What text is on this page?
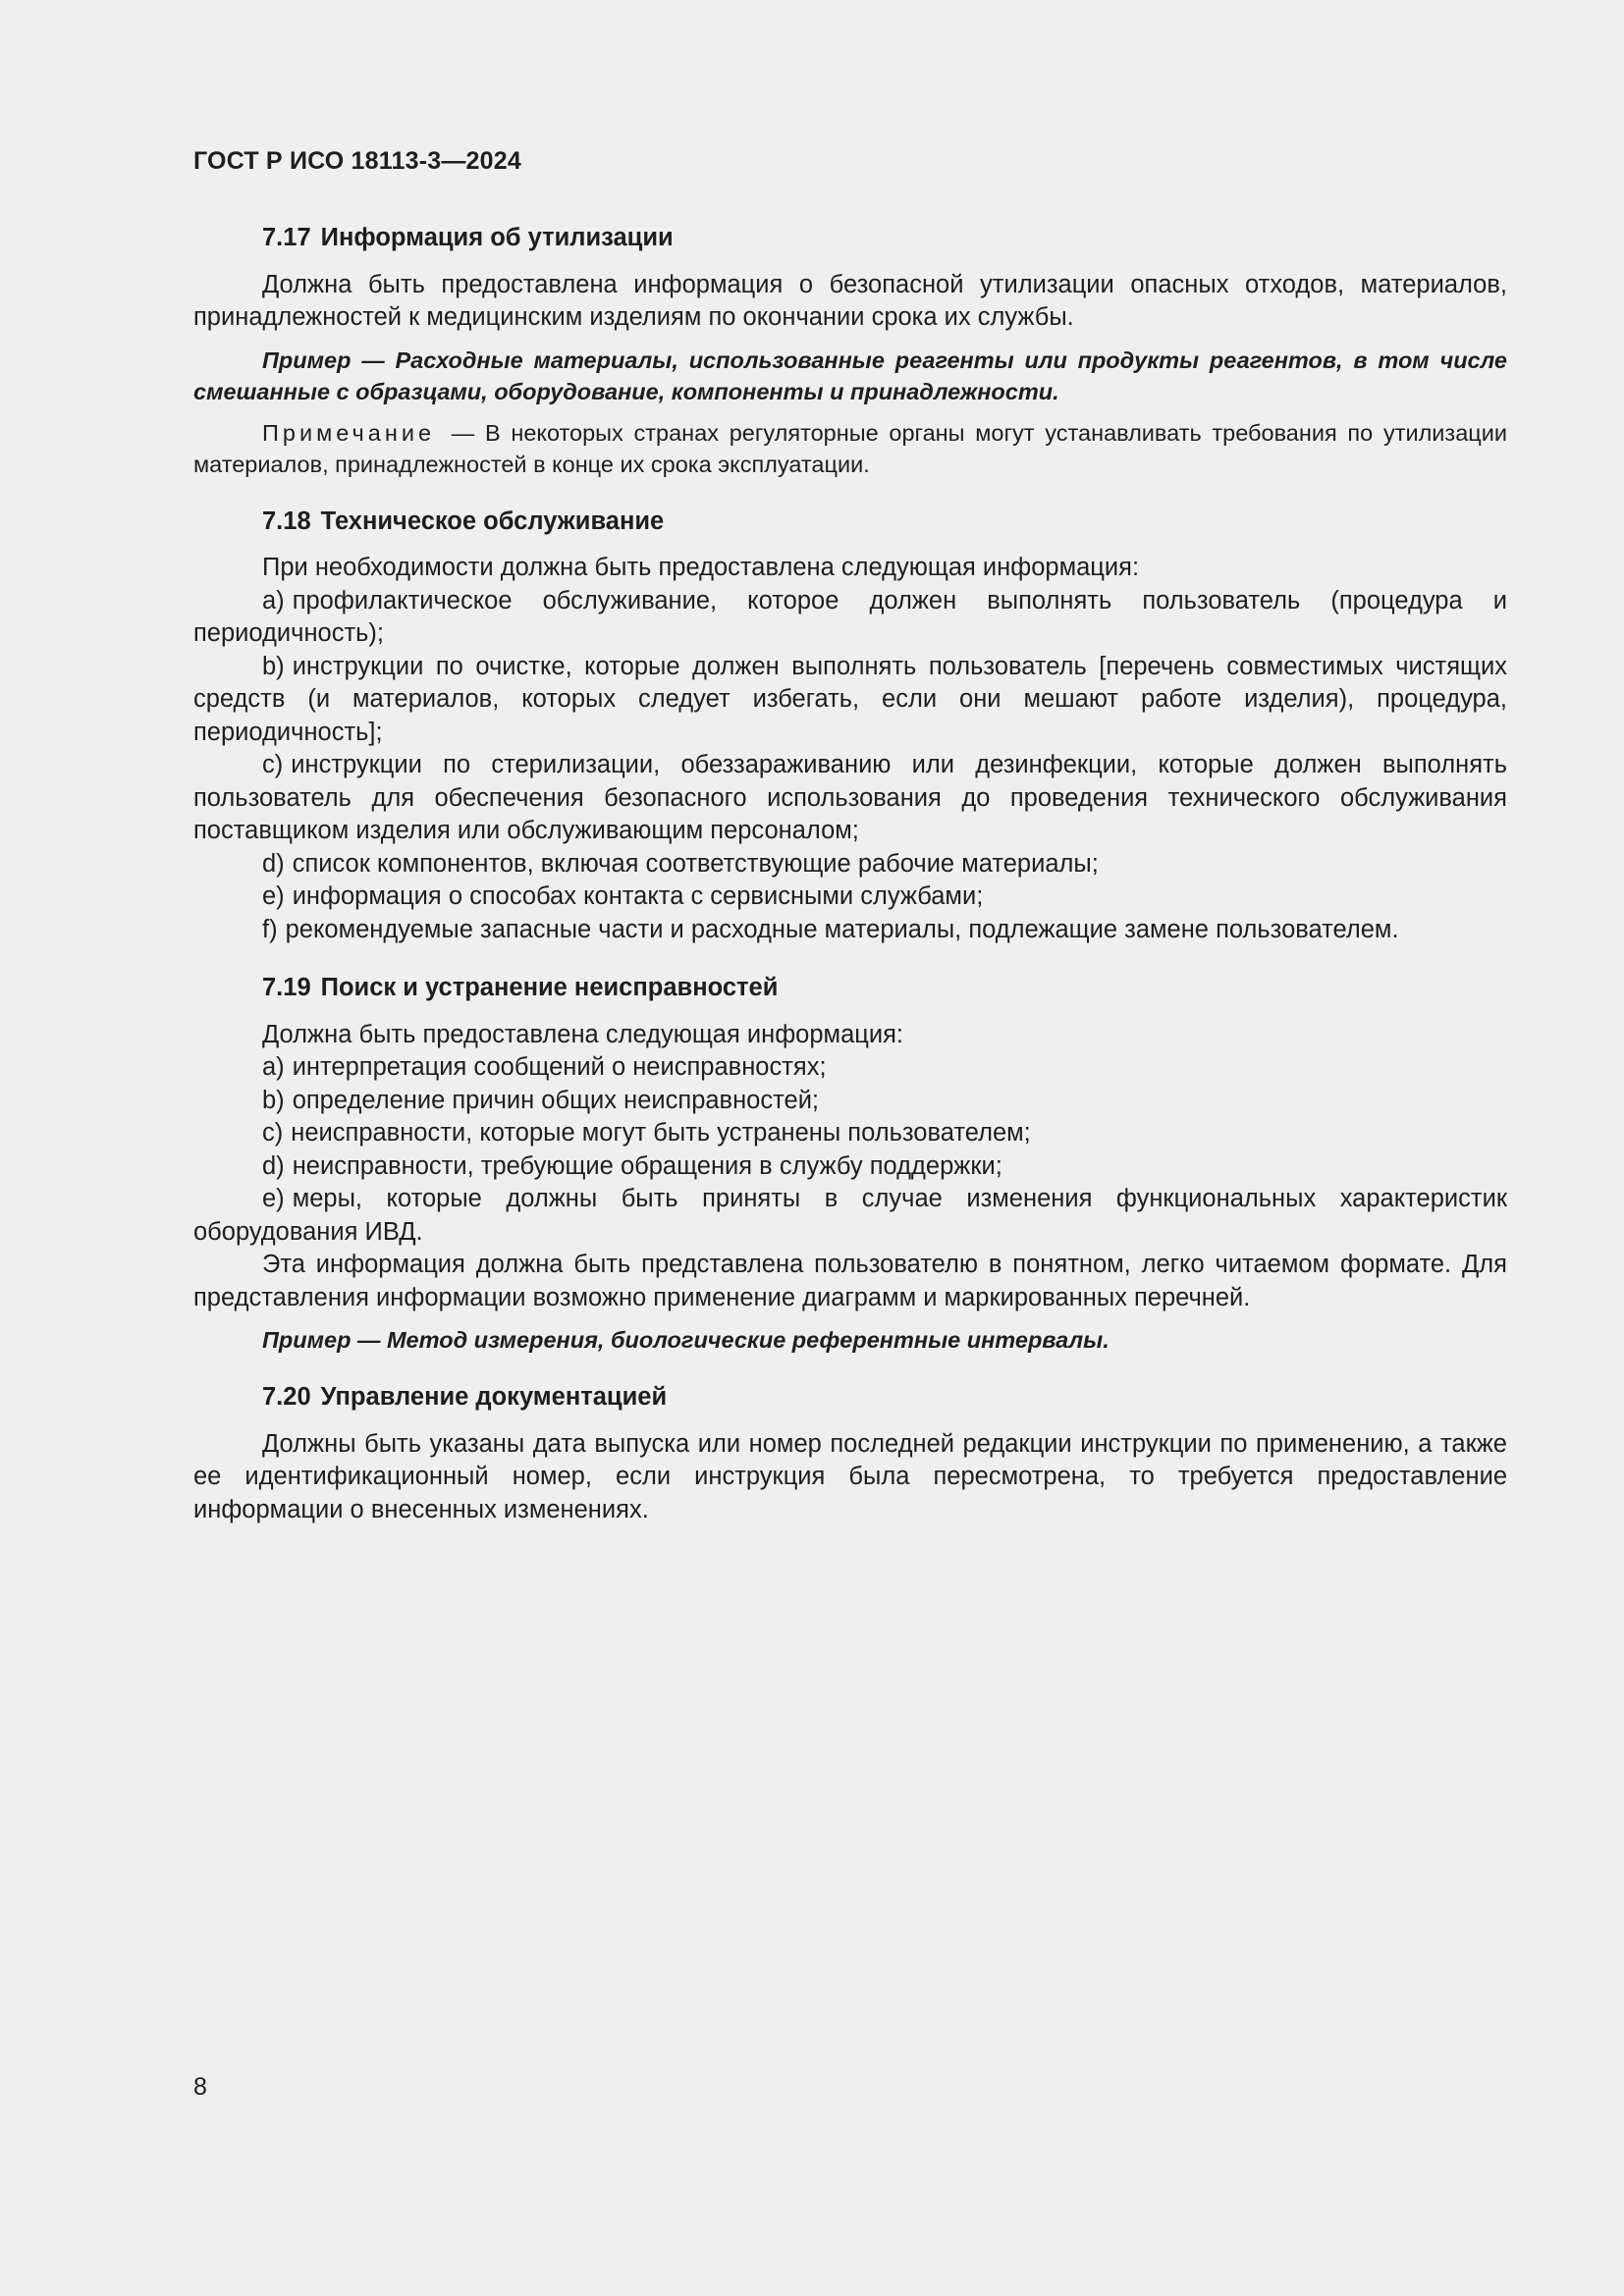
ГОСТ Р ИСО 18113-3—2024
7.17 Информация об утилизации

Должна быть предоставлена информация о безопасной утилизации опасных отходов, материалов, принадлежностей к медицинским изделиям по окончании срока их службы.

Пример — Расходные материалы, использованные реагенты или продукты реагентов, в том числе смешанные с образцами, оборудование, компоненты и принадлежности.

Примечание — В некоторых странах регуляторные органы могут устанавливать требования по утилизации материалов, принадлежностей в конце их срока эксплуатации.

7.18 Техническое обслуживание

При необходимости должна быть предоставлена следующая информация:

a) профилактическое обслуживание, которое должен выполнять пользователь (процедура и периодичность);

b) инструкции по очистке, которые должен выполнять пользователь [перечень совместимых чистящих средств (и материалов, которых следует избегать, если они мешают работе изделия), процедура, периодичность];

c) инструкции по стерилизации, обеззараживанию или дезинфекции, которые должен выполнять пользователь для обеспечения безопасного использования до проведения технического обслуживания поставщиком изделия или обслуживающим персоналом;

d) список компонентов, включая соответствующие рабочие материалы;

e) информация о способах контакта с сервисными службами;

f) рекомендуемые запасные части и расходные материалы, подлежащие замене пользователем.

7.19 Поиск и устранение неисправностей

Должна быть предоставлена следующая информация:

a) интерпретация сообщений о неисправностях;

b) определение причин общих неисправностей;

c) неисправности, которые могут быть устранены пользователем;

d) неисправности, требующие обращения в службу поддержки;

e) меры, которые должны быть приняты в случае изменения функциональных характеристик оборудования ИВД.

Эта информация должна быть представлена пользователю в понятном, легко читаемом формате. Для представления информации возможно применение диаграмм и маркированных перечней.

Пример — Метод измерения, биологические референтные интервалы.

7.20 Управление документацией

Должны быть указаны дата выпуска или номер последней редакции инструкции по применению, а также ее идентификационный номер, если инструкция была пересмотрена, то требуется предоставление информации о внесенных изменениях.

8
